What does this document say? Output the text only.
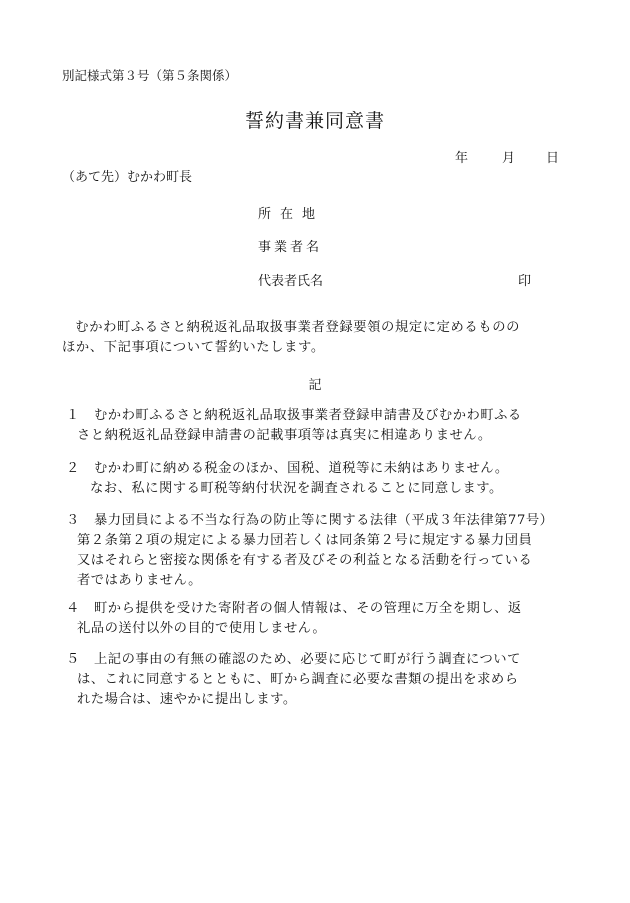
別記様式第３号（第５条関係）
誓約書兼同意書
年	月 日
（あて先）むかわ町長
所在地
事業者名
代表者氏名	印
むかわ町ふるさと納税返礼品取扱事業者登録要領の規定に定めるものの
ほか、下記事項について誓約いたします。
記
１	むかわ町ふるさと納税返礼品取扱事業者登録申請書及びむかわ町ふる
さと納税返礼品登録申請書の記載事項等は真実に相違ありません。
２	むかわ町に納める税金のほか、国税、道税等に未納はありません。
なお、私に関する町税等納付状況を調査されることに同意します。
３	暴力団員による不当な行為の防止等に関する法律（平成３年法律第77号）
第２条第２項の規定による暴力団若しくは同条第２号に規定する暴力団員
又はそれらと密接な関係を有する者及びその利益となる活動を行っている
者ではありません。
４	町から提供を受けた寄附者の個人情報は、その管理に万全を期し、返
礼品の送付以外の目的で使用しません。
５	上記の事由の有無の確認のため、必要に応じて町が行う調査について
は、これに同意するとともに、町から調査に必要な書類の提出を求めら
れた場合は、速やかに提出します。
